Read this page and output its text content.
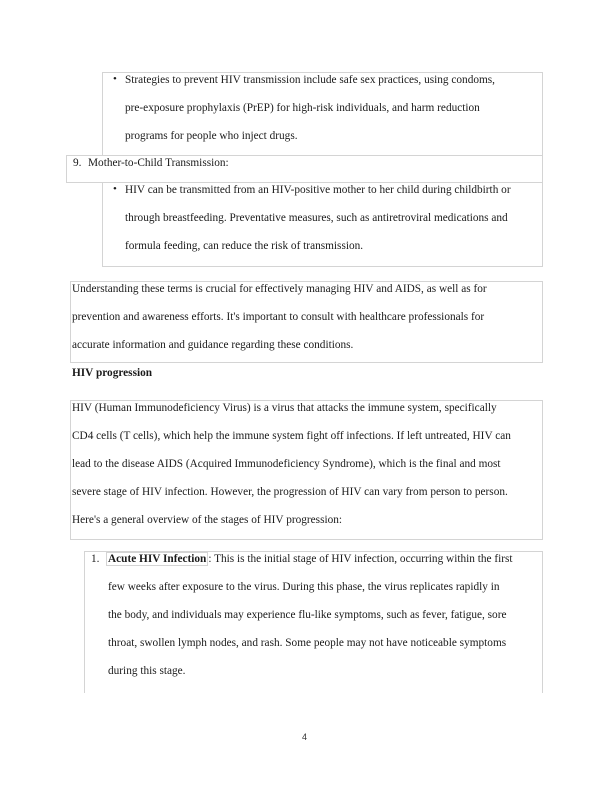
• Strategies to prevent HIV transmission include safe sex practices, using condoms,
pre-exposure prophylaxis (PrEP) for high-risk individuals, and harm reduction
programs for people who inject drugs.
9. Mother-to-Child Transmission:
• HIV can be transmitted from an HIV-positive mother to her child during childbirth or
through breastfeeding. Preventative measures, such as antiretroviral medications and
formula feeding, can reduce the risk of transmission.
Understanding these terms is crucial for effectively managing HIV and AIDS, as well as for
prevention and awareness efforts. It's important to consult with healthcare professionals for
accurate information and guidance regarding these conditions.
HIV progression
HIV (Human Immunodeficiency Virus) is a virus that attacks the immune system, specifically
CD4 cells (T cells), which help the immune system fight off infections. If left untreated, HIV can
lead to the disease AIDS (Acquired Immunodeficiency Syndrome), which is the final and most
severe stage of HIV infection. However, the progression of HIV can vary from person to person.
Here's a general overview of the stages of HIV progression:
1. Acute HIV Infection : This is the initial stage of HIV infection, occurring within the first
few weeks after exposure to the virus. During this phase, the virus replicates rapidly in
the body, and individuals may experience flu-like symptoms, such as fever, fatigue, sore
throat, swollen lymph nodes, and rash. Some people may not have noticeable symptoms
during this stage.
4
